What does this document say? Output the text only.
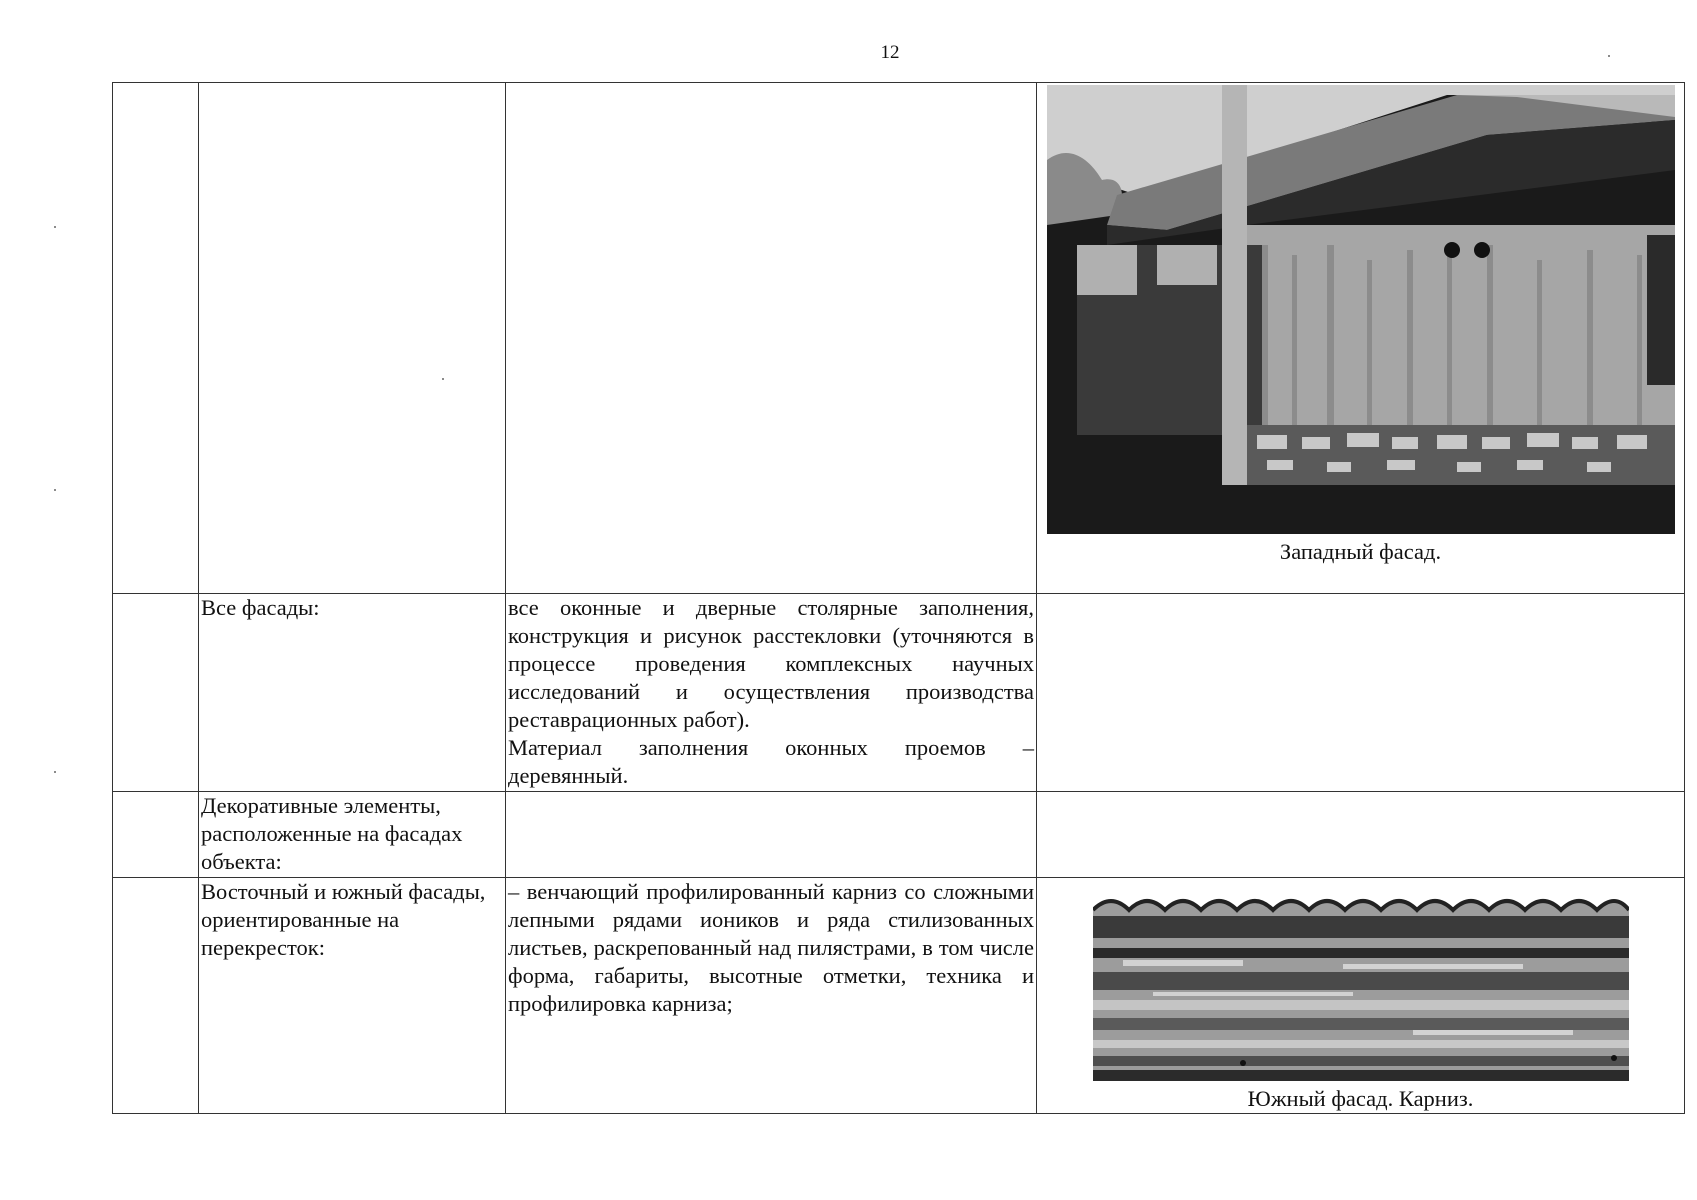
12

			Западный фасад.

	Все фасады:	все оконные и дверные столярные заполнения, конструкция и рисунок расстекловки (уточняются в процессе проведения комплексных научных исследований и осуществления производства реставрационных работ).
Материал заполнения оконных проемов – деревянный.	

	Декоративные элементы, расположенные на фасадах объекта:		
	Восточный и южный фасады, ориентированные на перекресток:	– венчающий профилированный карниз со сложными лепными рядами иоников и ряда стилизованных листьев, раскрепованный над пилястрами, в том числе форма, габариты, высотные отметки, техника и профилировка карниза;	Южный фасад. Карниз.
